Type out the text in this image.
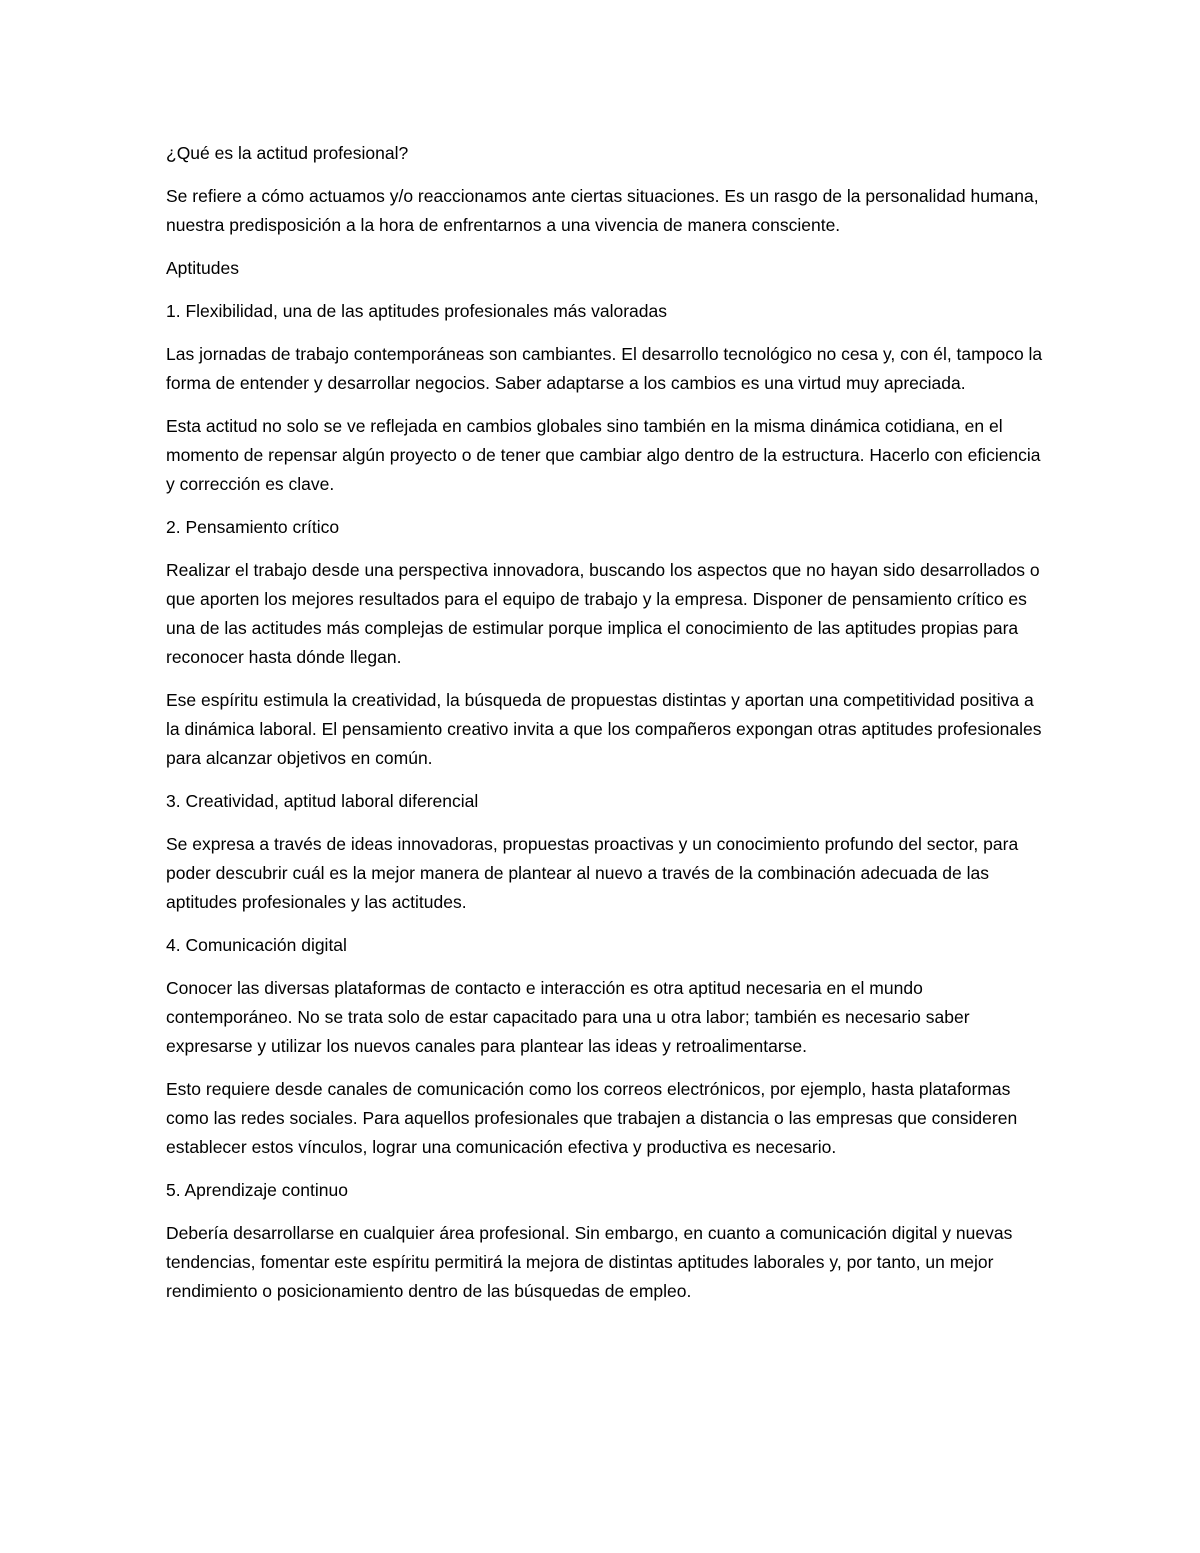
¿Qué es la actitud profesional?

Se refiere a cómo actuamos y/o reaccionamos ante ciertas situaciones. Es un rasgo de la personalidad humana, nuestra predisposición a la hora de enfrentarnos a una vivencia de manera consciente.

Aptitudes

1. Flexibilidad, una de las aptitudes profesionales más valoradas

Las jornadas de trabajo contemporáneas son cambiantes. El desarrollo tecnológico no cesa y, con él, tampoco la forma de entender y desarrollar negocios. Saber adaptarse a los cambios es una virtud muy apreciada.

Esta actitud no solo se ve reflejada en cambios globales sino también en la misma dinámica cotidiana, en el momento de repensar algún proyecto o de tener que cambiar algo dentro de la estructura. Hacerlo con eficiencia y corrección es clave.

2. Pensamiento crítico

Realizar el trabajo desde una perspectiva innovadora, buscando los aspectos que no hayan sido desarrollados o que aporten los mejores resultados para el equipo de trabajo y la empresa. Disponer de pensamiento crítico es una de las actitudes más complejas de estimular porque implica el conocimiento de las aptitudes propias para reconocer hasta dónde llegan.

Ese espíritu estimula la creatividad, la búsqueda de propuestas distintas y aportan una competitividad positiva a la dinámica laboral. El pensamiento creativo invita a que los compañeros expongan otras aptitudes profesionales para alcanzar objetivos en común.

3. Creatividad, aptitud laboral diferencial

Se expresa a través de ideas innovadoras, propuestas proactivas y un conocimiento profundo del sector, para poder descubrir cuál es la mejor manera de plantear al nuevo a través de la combinación adecuada de las aptitudes profesionales y las actitudes.

4. Comunicación digital

Conocer las diversas plataformas de contacto e interacción es otra aptitud necesaria en el mundo contemporáneo. No se trata solo de estar capacitado para una u otra labor; también es necesario saber expresarse y utilizar los nuevos canales para plantear las ideas y retroalimentarse.

Esto requiere desde canales de comunicación como los correos electrónicos, por ejemplo, hasta plataformas como las redes sociales. Para aquellos profesionales que trabajen a distancia o las empresas que consideren establecer estos vínculos, lograr una comunicación efectiva y productiva es necesario.

5. Aprendizaje continuo

Debería desarrollarse en cualquier área profesional. Sin embargo, en cuanto a comunicación digital y nuevas tendencias, fomentar este espíritu permitirá la mejora de distintas aptitudes laborales y, por tanto, un mejor rendimiento o posicionamiento dentro de las búsquedas de empleo.
